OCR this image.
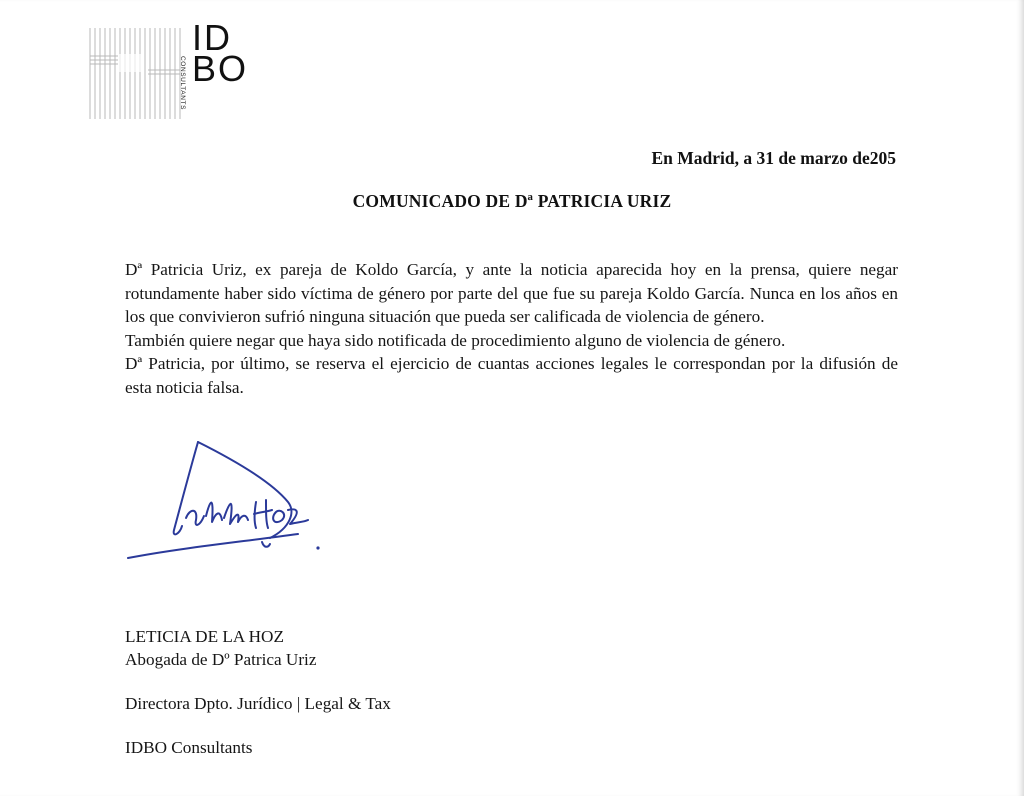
ID
BO
CONSULTANTS
En Madrid, a 31 de marzo de205
COMUNICADO DE Dª PATRICIA URIZ

Dª Patricia Uriz, ex pareja de Koldo García, y ante la noticia aparecida hoy en la prensa, quiere negar rotundamente haber sido víctima de género por parte del que fue su pareja Koldo García. Nunca en los años en los que convivieron sufrió ninguna situación que pueda ser calificada de violencia de género.

También quiere negar que haya sido notificada de procedimiento alguno de violencia de género.

Dª Patricia, por último, se reserva el ejercicio de cuantas acciones legales le correspondan por la difusión de esta noticia falsa.

LETICIA DE LA HOZ
Abogada de Dº Patrica Uriz
Directora Dpto. Jurídico | Legal & Tax
IDBO Consultants
